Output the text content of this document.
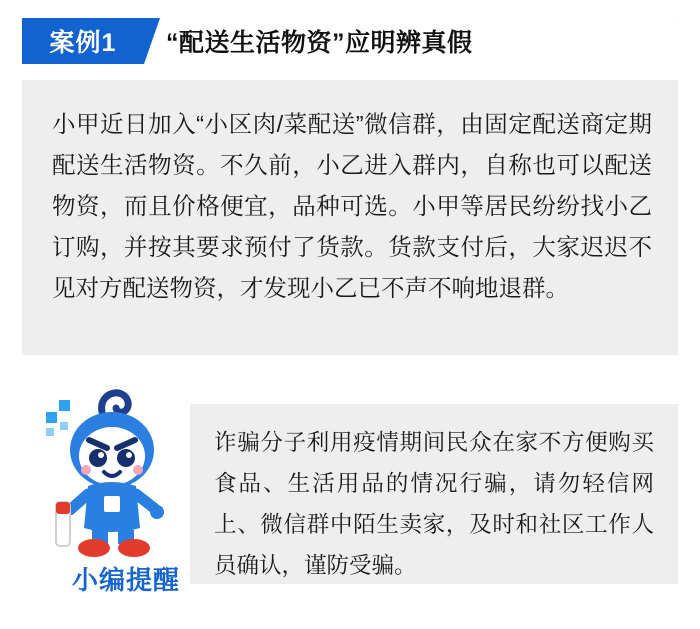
案例1	“配送生活物资”应明辨真假
小甲近日加入“小区肉/菜配送”微信群，由固定配送商定期配送生活物资。不久前，小乙进入群内，自称也可以配送物资，而且价格便宜，品种可选。小甲等居民纷纷找小乙订购，并按其要求预付了货款。货款支付后，大家迟迟不见对方配送物资，才发现小乙已不声不响地退群。
小编提醒
诈骗分子利用疫情期间民众在家不方便购买食品、生活用品的情况行骗，请勿轻信网上、微信群中陌生卖家，及时和社区工作人员确认，谨防受骗。
